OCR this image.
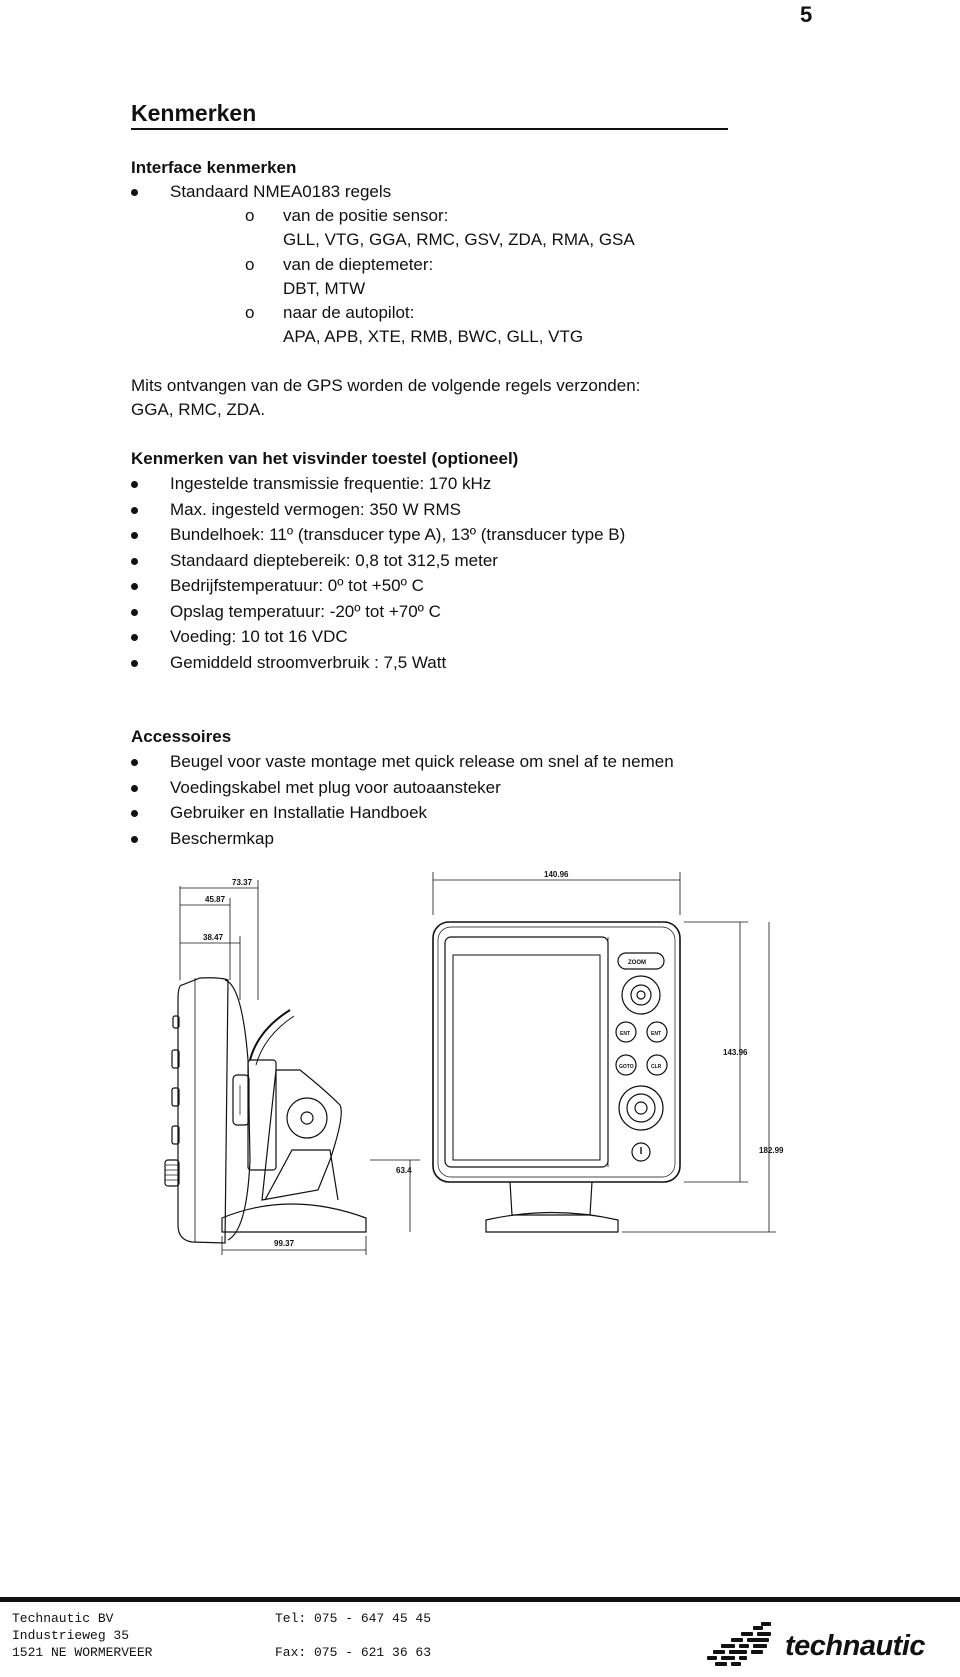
5
Kenmerken
Interface kenmerken
Standaard NMEA0183 regels
o van de positie sensor:
GLL, VTG, GGA, RMC, GSV, ZDA, RMA, GSA
o van de dieptemeter:
DBT, MTW
o naar de autopilot:
APA, APB, XTE, RMB, BWC, GLL, VTG
Mits ontvangen van de GPS worden de volgende regels verzonden:
GGA, RMC, ZDA.
Kenmerken van het visvinder toestel (optioneel)
Ingestelde transmissie frequentie: 170 kHz
Max. ingesteld vermogen: 350 W RMS
Bundelhoek: 11º (transducer type A), 13º (transducer type B)
Standaard dieptebereik: 0,8 tot 312,5 meter
Bedrijfstemperatuur: 0º tot +50º C
Opslag temperatuur: -20º tot +70º C
Voeding: 10 tot 16 VDC
Gemiddeld stroomverbruik : 7,5 Watt
Accessoires
Beugel voor vaste montage met quick release om snel af te nemen
Voedingskabel met plug voor autoaansteker
Gebruiker en Installatie Handboek
Beschermkap
73.37
45.87
38.47
99.37
63.4
140.96
ZOOM
ENT	ENT
GOTO	CLR
143.96
182.99
Technautic BV
Industrieweg 35
1521 NE WORMERVEER
Tel: 075 - 647 45 45
Fax: 075 - 621 36 63	technautic
